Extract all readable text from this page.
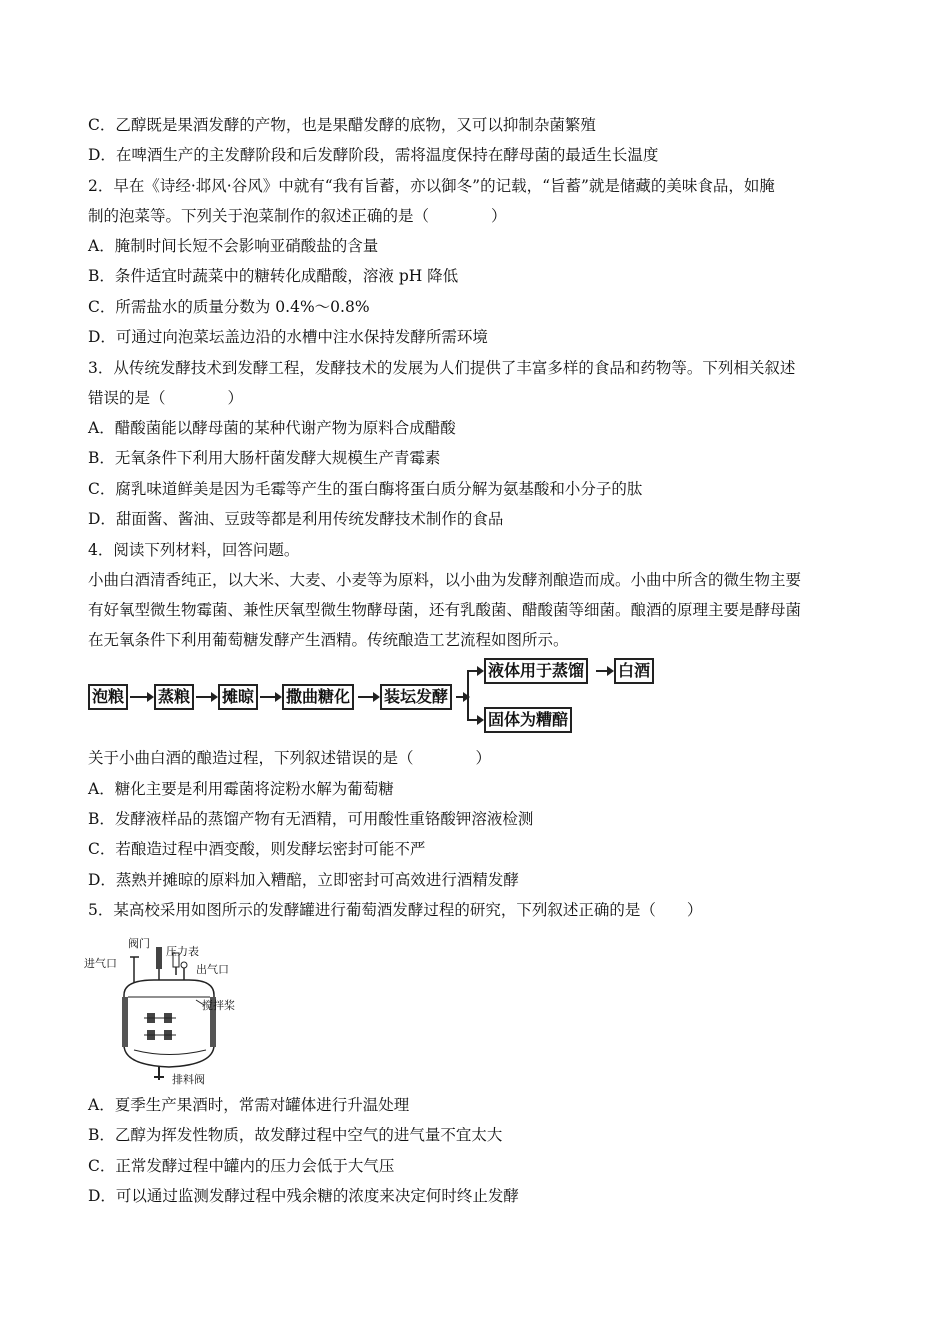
C．乙醇既是果酒发酵的产物，也是果醋发酵的底物，又可以抑制杂菌繁殖
D．在啤酒生产的主发酵阶段和后发酵阶段，需将温度保持在酵母菌的最适生长温度
2．早在《诗经·邶风·谷风》中就有“我有旨蓄，亦以御冬”的记载，“旨蓄”就是储藏的美味食品，如腌
制的泡菜等。下列关于泡菜制作的叙述正确的是（　　　　）
A．腌制时间长短不会影响亚硝酸盐的含量
B．条件适宜时蔬菜中的糖转化成醋酸，溶液 pH 降低
C．所需盐水的质量分数为 0.4%～0.8%
D．可通过向泡菜坛盖边沿的水槽中注水保持发酵所需环境
3．从传统发酵技术到发酵工程，发酵技术的发展为人们提供了丰富多样的食品和药物等。下列相关叙述
错误的是（　　　　）
A．醋酸菌能以酵母菌的某种代谢产物为原料合成醋酸
B．无氧条件下利用大肠杆菌发酵大规模生产青霉素
C．腐乳味道鲜美是因为毛霉等产生的蛋白酶将蛋白质分解为氨基酸和小分子的肽
D．甜面酱、酱油、豆豉等都是利用传统发酵技术制作的食品
4．阅读下列材料，回答问题。
小曲白酒清香纯正，以大米、大麦、小麦等为原料，以小曲为发酵剂酿造而成。小曲中所含的微生物主要
有好氧型微生物霉菌、兼性厌氧型微生物酵母菌，还有乳酸菌、醋酸菌等细菌。酿酒的原理主要是酵母菌
在无氧条件下利用葡萄糖发酵产生酒精。传统酿造工艺流程如图所示。
泡粮 蒸粮 摊晾 撒曲糖化 装坛发酵
液体用于蒸馏 白酒
固体为糟醅
关于小曲白酒的酿造过程，下列叙述错误的是（　　　　）
A．糖化主要是利用霉菌将淀粉水解为葡萄糖
B．发酵液样品的蒸馏产物有无酒精，可用酸性重铬酸钾溶液检测
C．若酿造过程中酒变酸，则发酵坛密封可能不严
D．蒸熟并摊晾的原料加入糟醅，立即密封可高效进行酒精发酵
5．某高校采用如图所示的发酵罐进行葡萄酒发酵过程的研究，下列叙述正确的是（　　）
阀门
压力表
进气口	出气口
搅拌桨
排料阀
A．夏季生产果酒时，常需对罐体进行升温处理
B．乙醇为挥发性物质，故发酵过程中空气的进气量不宜太大
C．正常发酵过程中罐内的压力会低于大气压
D．可以通过监测发酵过程中残余糖的浓度来决定何时终止发酵
